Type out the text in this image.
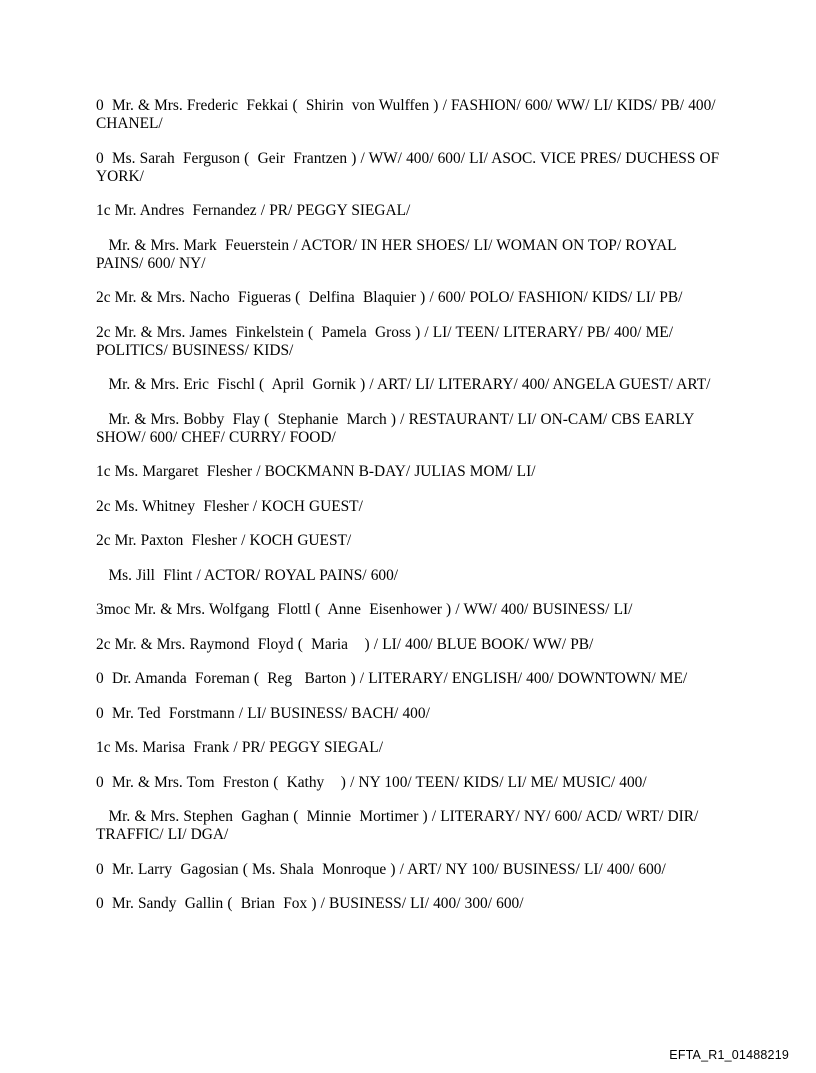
0  Mr. & Mrs. Frederic  Fekkai (  Shirin  von Wulffen ) / FASHION/ 600/ WW/ LI/ KIDS/ PB/ 400/ CHANEL/
0  Ms. Sarah  Ferguson (  Geir  Frantzen ) / WW/ 400/ 600/ LI/ ASOC. VICE PRES/ DUCHESS OF YORK/
1c Mr. Andres  Fernandez / PR/ PEGGY SIEGAL/
Mr. & Mrs. Mark  Feuerstein / ACTOR/ IN HER SHOES/ LI/ WOMAN ON TOP/ ROYAL PAINS/ 600/ NY/
2c Mr. & Mrs. Nacho  Figueras (  Delfina  Blaquier ) / 600/ POLO/ FASHION/ KIDS/ LI/ PB/
2c Mr. & Mrs. James  Finkelstein (  Pamela  Gross ) / LI/ TEEN/ LITERARY/ PB/ 400/ ME/ POLITICS/ BUSINESS/ KIDS/
Mr. & Mrs. Eric  Fischl (  April  Gornik ) / ART/ LI/ LITERARY/ 400/ ANGELA GUEST/ ART/
Mr. & Mrs. Bobby  Flay (  Stephanie  March ) / RESTAURANT/ LI/ ON-CAM/ CBS EARLY SHOW/ 600/ CHEF/ CURRY/ FOOD/
1c Ms. Margaret  Flesher / BOCKMANN B-DAY/ JULIAS MOM/ LI/
2c Ms. Whitney  Flesher / KOCH GUEST/
2c Mr. Paxton  Flesher / KOCH GUEST/
Ms. Jill  Flint / ACTOR/ ROYAL PAINS/ 600/
3moc Mr. & Mrs. Wolfgang  Flottl (  Anne  Eisenhower ) / WW/ 400/ BUSINESS/ LI/
2c Mr. & Mrs. Raymond  Floyd (  Maria    ) / LI/ 400/ BLUE BOOK/ WW/ PB/
0  Dr. Amanda  Foreman (  Reg   Barton ) / LITERARY/ ENGLISH/ 400/ DOWNTOWN/ ME/
0  Mr. Ted  Forstmann / LI/ BUSINESS/ BACH/ 400/
1c Ms. Marisa  Frank / PR/ PEGGY SIEGAL/
0  Mr. & Mrs. Tom  Freston (  Kathy    ) / NY 100/ TEEN/ KIDS/ LI/ ME/ MUSIC/ 400/
Mr. & Mrs. Stephen  Gaghan (  Minnie  Mortimer ) / LITERARY/ NY/ 600/ ACD/ WRT/ DIR/ TRAFFIC/ LI/ DGA/
0  Mr. Larry  Gagosian ( Ms. Shala  Monroque ) / ART/ NY 100/ BUSINESS/ LI/ 400/ 600/
0  Mr. Sandy  Gallin (  Brian  Fox ) / BUSINESS/ LI/ 400/ 300/ 600/
EFTA_R1_01488219
